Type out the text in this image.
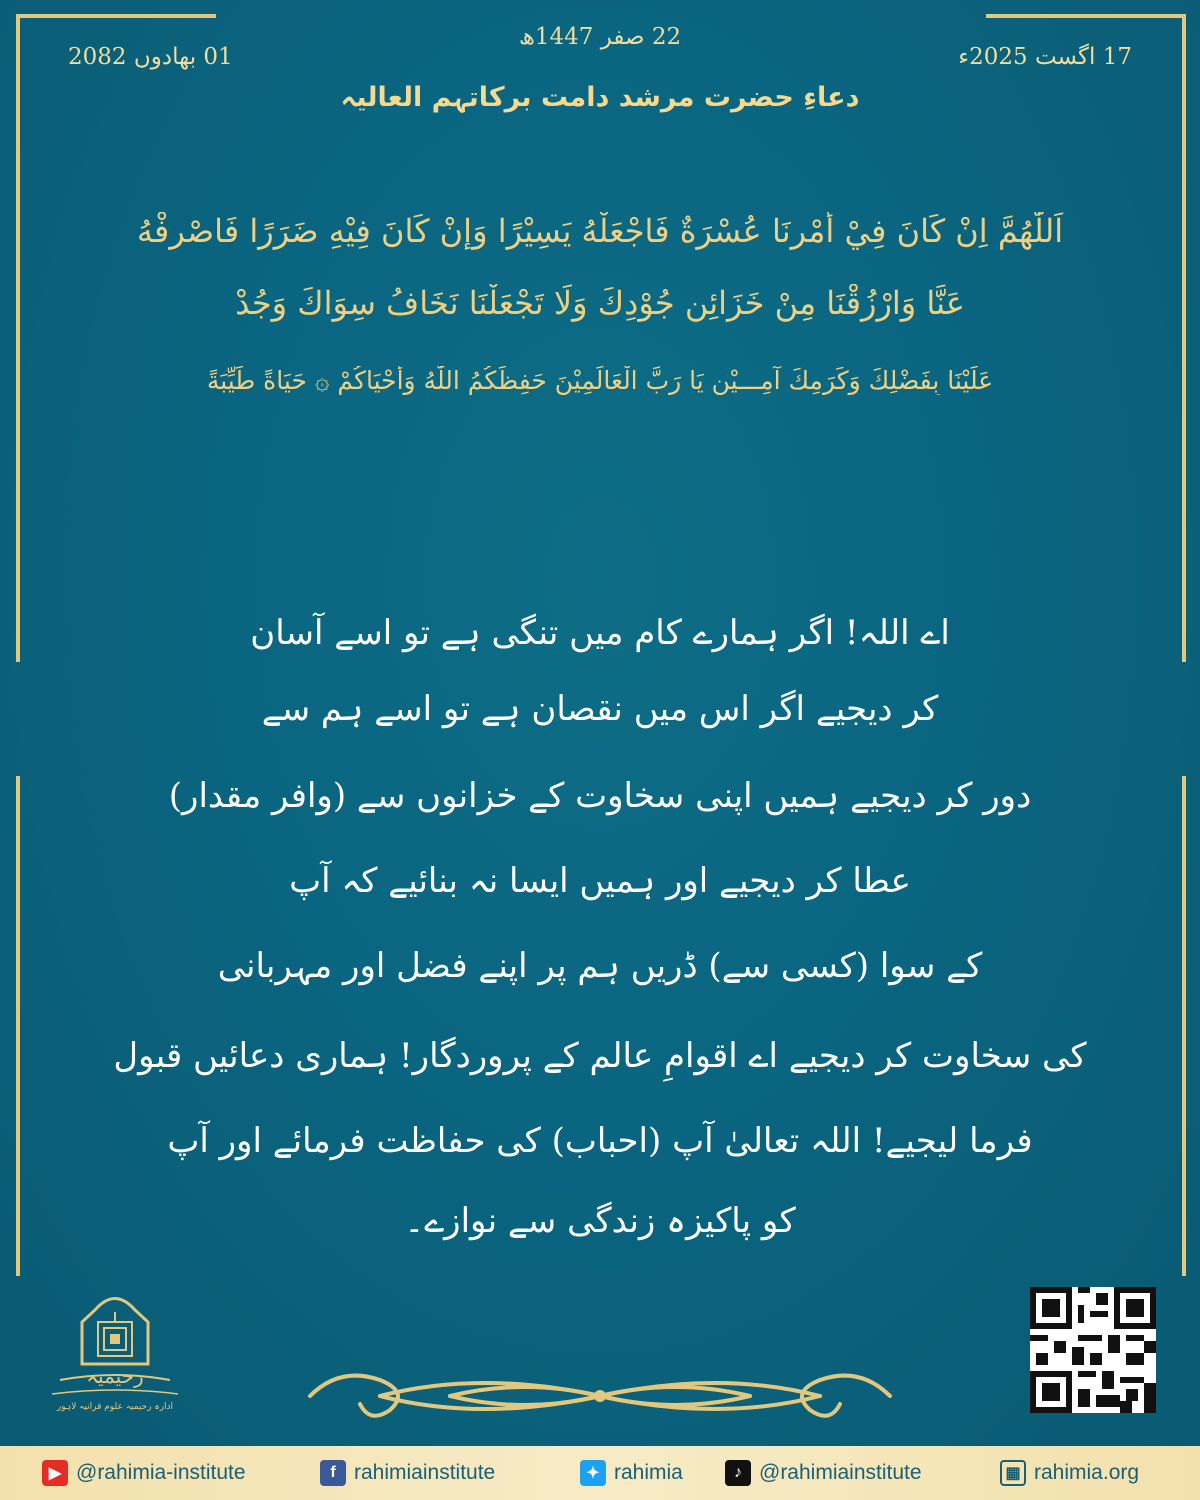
01 بھادوں 2082
22 صفر 1447ھ
17 اگست 2025ء
دعاءِ حضرت مرشد دامت برکاتہم العالیہ
اَللّٰهُمَّ اِنْ كَانَ فِيْ أَمْرِنَا عُسْرَةٌ فَاجْعَلْهُ يَسِيْرًا وَإِنْ كَانَ فِيْهِ ضَرَرًا فَاصْرِفْهُ
عَنَّا وَارْزُقْنَا مِنْ خَزَائِنِ جُوْدِكَ وَلَا تَجْعَلْنَا نَخَافُ سِوَاكَ وَجُدْ
عَلَيْنَا بِفَضْلِكَ وَكَرَمِكَ آمِـــيْن يَا رَبَّ الْعَالَمِيْنَ حَفِظَكُمُ اللّٰهُ وَأَحْيَاكُمْ ۞ حَيَاةً طَيِّبَةً
اے اللہ! اگر ہمارے کام میں تنگی ہے تو اسے آسان
کر دیجیے اگر اس میں نقصان ہے تو اسے ہم سے
دور کر دیجیے ہمیں اپنی سخاوت کے خزانوں سے (وافر مقدار)
عطا کر دیجیے اور ہمیں ایسا نہ بنائیے کہ آپ
کے سوا (کسی سے) ڈریں ہم پر اپنے فضل اور مہربانی
کی سخاوت کر دیجیے اے اقوامِ عالم کے پروردگار! ہماری دعائیں قبول
فرما لیجیے! اللہ تعالیٰ آپ (احباب) کی حفاظت فرمائے اور آپ
کو پاکیزہ زندگی سے نوازے۔
رحیمیہ
ادارہ رحیمیہ علوم قرآنیہ لاہور
▶ @rahimia-institute	f rahimiainstitute	✦ rahimia	♪ @rahimiainstitute	▦ rahimia.org
